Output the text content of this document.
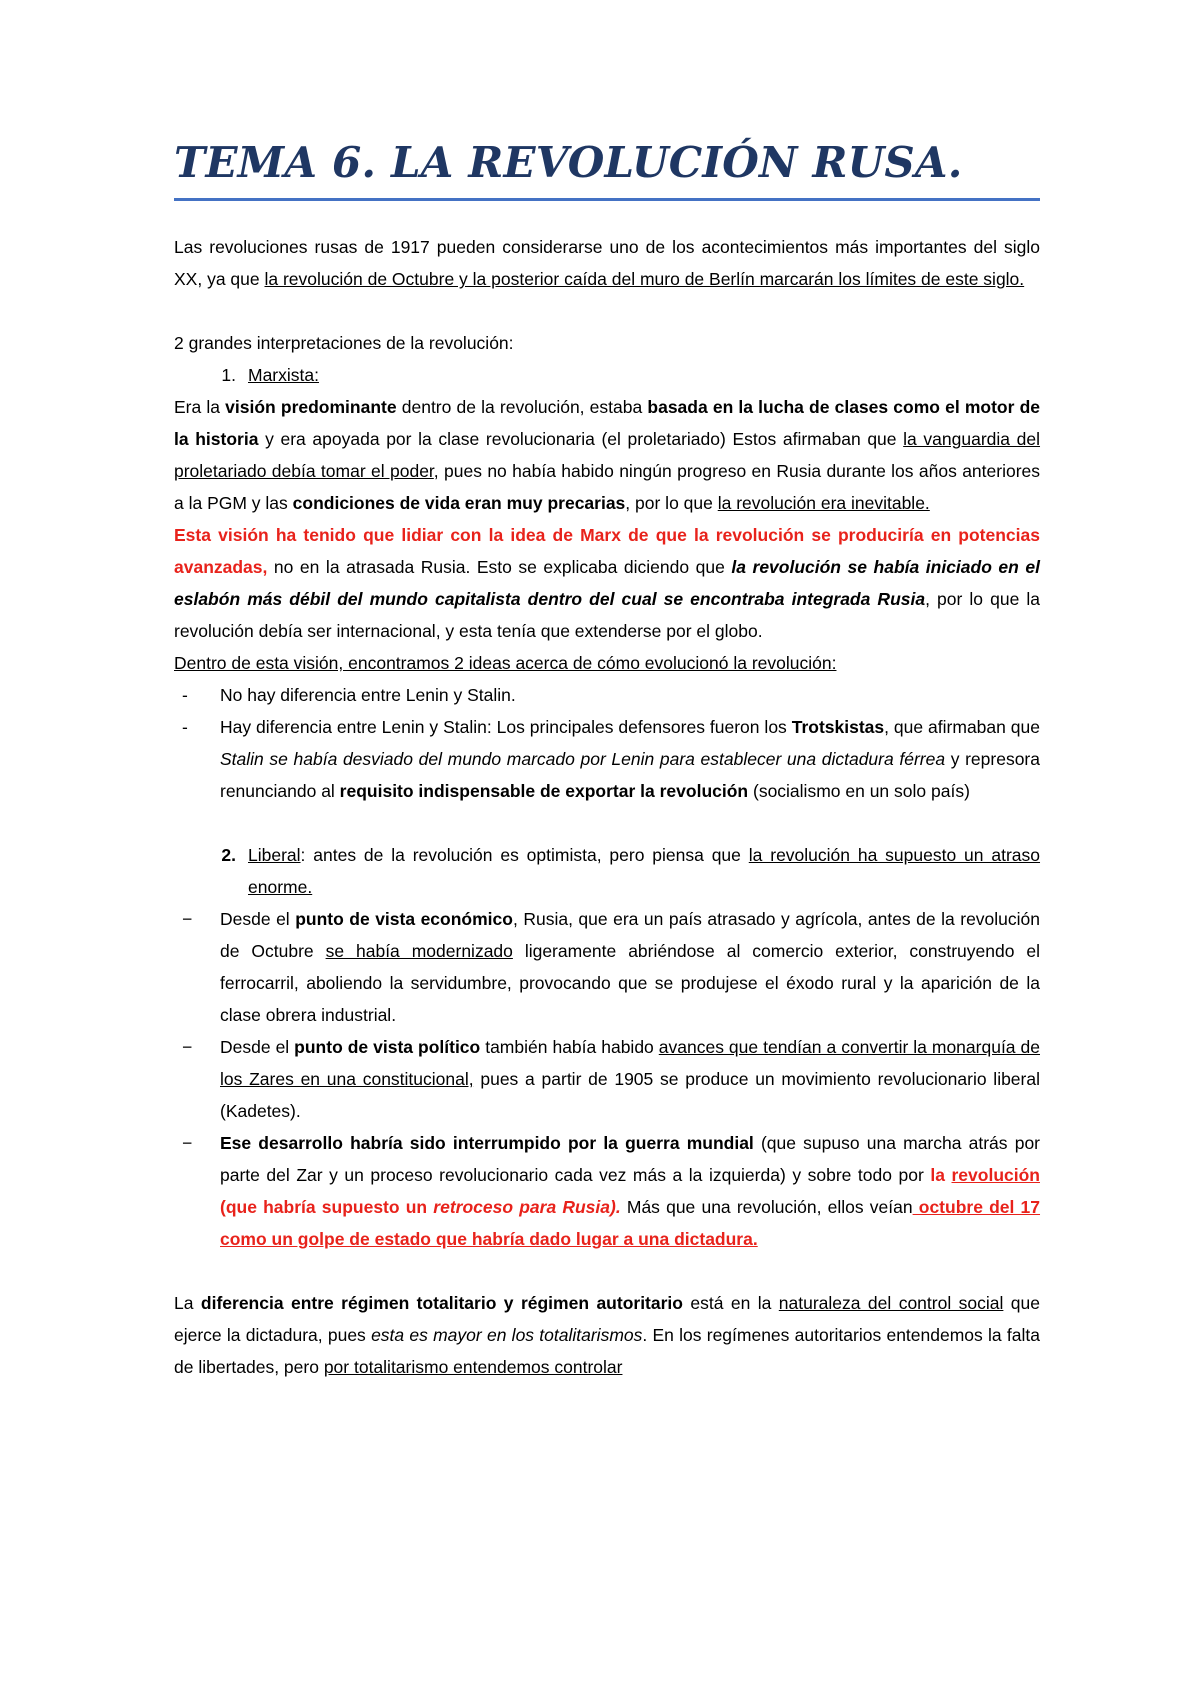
TEMA 6. LA REVOLUCIÓN RUSA.

Las revoluciones rusas de 1917 pueden considerarse uno de los acontecimientos más importantes del siglo XX, ya que la revolución de Octubre y la posterior caída del muro de Berlín marcarán los límites de este siglo.

2 grandes interpretaciones de la revolución:

1. Marxista:

Era la visión predominante dentro de la revolución, estaba basada en la lucha de clases como el motor de la historia y era apoyada por la clase revolucionaria (el proletariado) Estos afirmaban que la vanguardia del proletariado debía tomar el poder, pues no había habido ningún progreso en Rusia durante los años anteriores a la PGM y las condiciones de vida eran muy precarias, por lo que la revolución era inevitable.

Esta visión ha tenido que lidiar con la idea de Marx de que la revolución se produciría en potencias avanzadas, no en la atrasada Rusia. Esto se explicaba diciendo que la revolución se había iniciado en el eslabón más débil del mundo capitalista dentro del cual se encontraba integrada Rusia, por lo que la revolución debía ser internacional, y esta tenía que extenderse por el globo.

Dentro de esta visión, encontramos 2 ideas acerca de cómo evolucionó la revolución:

-	No hay diferencia entre Lenin y Stalin.
-	Hay diferencia entre Lenin y Stalin: Los principales defensores fueron los Trotskistas, que afirmaban que Stalin se había desviado del mundo marcado por Lenin para establecer una dictadura férrea y represora renunciando al requisito indispensable de exportar la revolución (socialismo en un solo país)
2. Liberal: antes de la revolución es optimista, pero piensa que la revolución ha supuesto un atraso enorme.
−	Desde el punto de vista económico, Rusia, que era un país atrasado y agrícola, antes de la revolución de Octubre se había modernizado ligeramente abriéndose al comercio exterior, construyendo el ferrocarril, aboliendo la servidumbre, provocando que se produjese el éxodo rural y la aparición de la clase obrera industrial.
−	Desde el punto de vista político también había habido avances que tendían a convertir la monarquía de los Zares en una constitucional, pues a partir de 1905 se produce un movimiento revolucionario liberal (Kadetes).
−	Ese desarrollo habría sido interrumpido por la guerra mundial (que supuso una marcha atrás por parte del Zar y un proceso revolucionario cada vez más a la izquierda) y sobre todo por la revolución (que habría supuesto un retroceso para Rusia). Más que una revolución, ellos veían octubre del 17 como un golpe de estado que habría dado lugar a una dictadura.

La diferencia entre régimen totalitario y régimen autoritario está en la naturaleza del control social que ejerce la dictadura, pues esta es mayor en los totalitarismos. En los regímenes autoritarios entendemos la falta de libertades, pero por totalitarismo entendemos controlar
